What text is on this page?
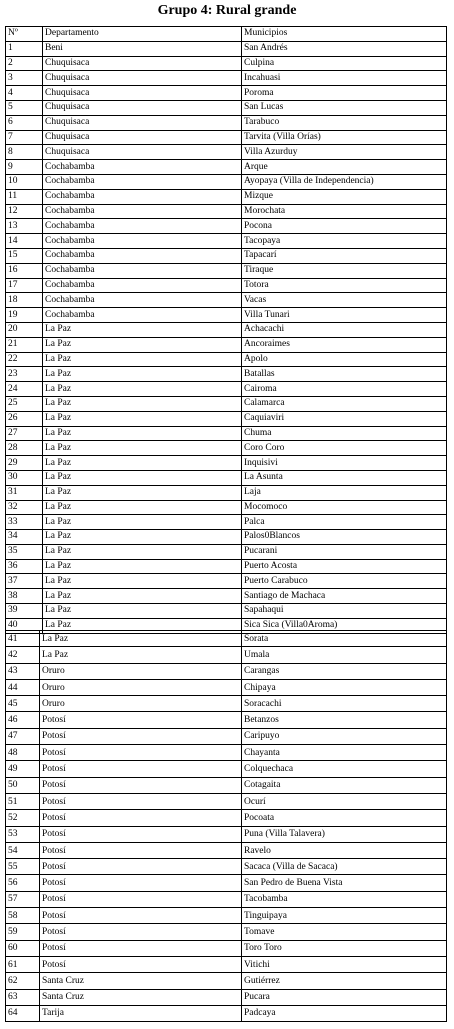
Grupo 4: Rural grande
Nº	Departamento	Municipios
1	Beni	San Andrés
2	Chuquisaca	Culpina
3	Chuquisaca	Incahuasi
4	Chuquisaca	Poroma
5	Chuquisaca	San Lucas
6	Chuquisaca	Tarabuco
7	Chuquisaca	Tarvita (Villa Orías)
8	Chuquisaca	Villa Azurduy
9	Cochabamba	Arque
10	Cochabamba	Ayopaya (Villa de Independencia)
11	Cochabamba	Mizque
12	Cochabamba	Morochata
13	Cochabamba	Pocona
14	Cochabamba	Tacopaya
15	Cochabamba	Tapacarí
16	Cochabamba	Tiraque
17	Cochabamba	Totora
18	Cochabamba	Vacas
19	Cochabamba	Villa Tunari
20	La Paz	Achacachi
21	La Paz	Ancoraimes
22	La Paz	Apolo
23	La Paz	Batallas
24	La Paz	Cairoma
25	La Paz	Calamarca
26	La Paz	Caquiaviri
27	La Paz	Chuma
28	La Paz	Coro Coro
29	La Paz	Inquisivi
30	La Paz	La Asunta
31	La Paz	Laja
32	La Paz	Mocomoco
33	La Paz	Palca
34	La Paz	Palos0Blancos
35	La Paz	Pucarani
36	La Paz	Puerto Acosta
37	La Paz	Puerto Carabuco
38	La Paz	Santiago de Machaca
39	La Paz	Sapahaqui
40	La Paz	Sica Sica (Villa0Aroma)
41	La Paz	Sorata
42	La Paz	Umala
43	Oruro	Carangas
44	Oruro	Chipaya
45	Oruro	Soracachi
46	Potosí	Betanzos
47	Potosí	Caripuyo
48	Potosí	Chayanta
49	Potosí	Colquechaca
50	Potosí	Cotagaita
51	Potosí	Ocurí
52	Potosí	Pocoata
53	Potosí	Puna (Villa Talavera)
54	Potosí	Ravelo
55	Potosí	Sacaca (Villa de Sacaca)
56	Potosí	San Pedro de Buena Vista
57	Potosí	Tacobamba
58	Potosí	Tinguipaya
59	Potosí	Tomave
60	Potosí	Toro Toro
61	Potosí	Vitichi
62	Santa Cruz	Gutiérrez
63	Santa Cruz	Pucara
64	Tarija	Padcaya
